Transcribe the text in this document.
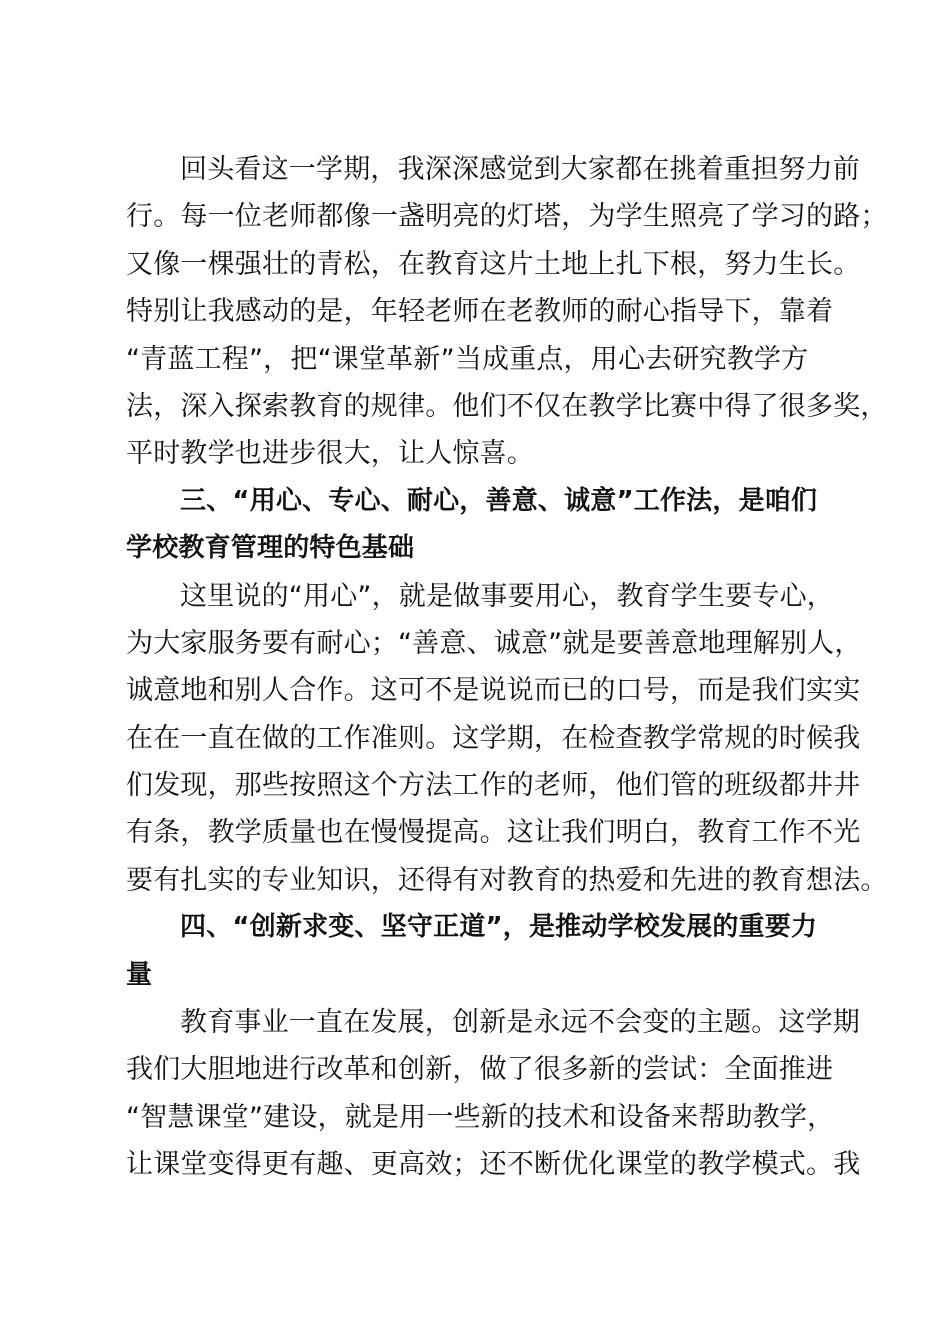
回头看这一学期，我深深感觉到大家都在挑着重担努力前
行。每一位老师都像一盏明亮的灯塔，为学生照亮了学习的路；
又像一棵强壮的青松，在教育这片土地上扎下根，努力生长。
特别让我感动的是，年轻老师在老教师的耐心指导下，靠着
“青蓝工程”，把“课堂革新”当成重点，用心去研究教学方
法，深入探索教育的规律。他们不仅在教学比赛中得了很多奖，
平时教学也进步很大，让人惊喜。
三、“用心、专心、耐心，善意、诚意”工作法，是咱们
学校教育管理的特色基础
这里说的“用心”，就是做事要用心，教育学生要专心，
为大家服务要有耐心；“善意、诚意”就是要善意地理解别人，
诚意地和别人合作。这可不是说说而已的口号，而是我们实实
在在一直在做的工作准则。这学期，在检查教学常规的时候我
们发现，那些按照这个方法工作的老师，他们管的班级都井井
有条，教学质量也在慢慢提高。这让我们明白，教育工作不光
要有扎实的专业知识，还得有对教育的热爱和先进的教育想法。
四、“创新求变、坚守正道”，是推动学校发展的重要力
量
教育事业一直在发展，创新是永远不会变的主题。这学期
我们大胆地进行改革和创新，做了很多新的尝试：全面推进
“智慧课堂”建设，就是用一些新的技术和设备来帮助教学，
让课堂变得更有趣、更高效；还不断优化课堂的教学模式。我
